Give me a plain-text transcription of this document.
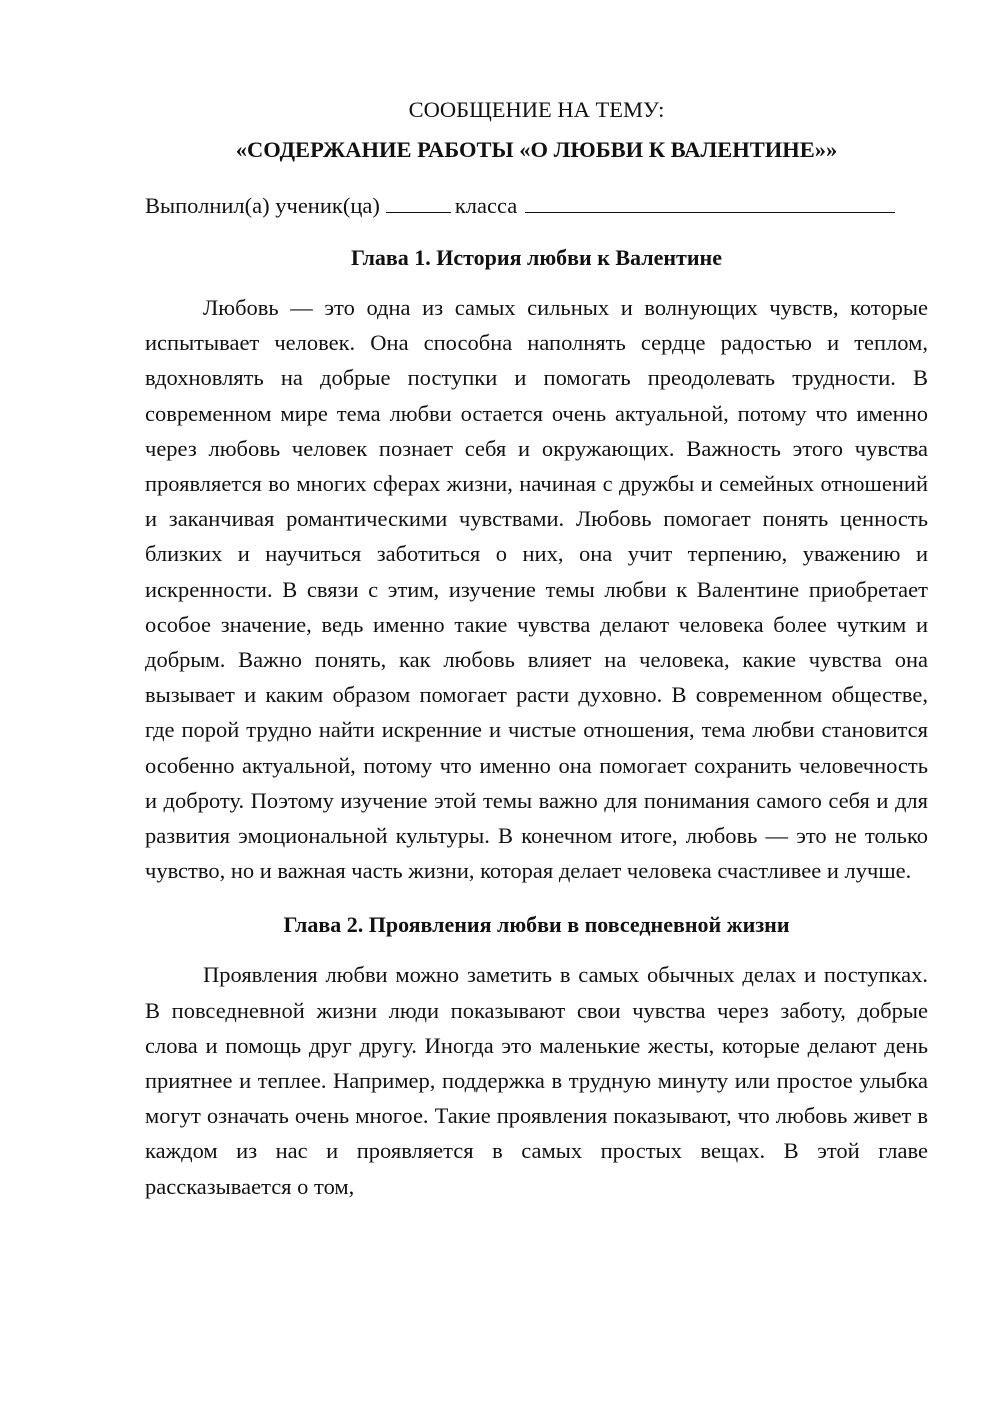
СООБЩЕНИЕ НА ТЕМУ:

«СОДЕРЖАНИЕ РАБОТЫ «О ЛЮБВИ К ВАЛЕНТИНЕ»»

Выполнил(а) ученик(ца)	класса
Глава 1. История любви к Валентине

Любовь — это одна из самых сильных и волнующих чувств, которые испытывает человек. Она способна наполнять сердце радостью и теплом, вдохновлять на добрые поступки и помогать преодолевать трудности. В современном мире тема любви остается очень актуальной, потому что именно через любовь человек познает себя и окружающих. Важность этого чувства проявляется во многих сферах жизни, начиная с дружбы и семейных отношений и заканчивая романтическими чувствами. Любовь помогает понять ценность близких и научиться заботиться о них, она учит терпению, уважению и искренности. В связи с этим, изучение темы любви к Валентине приобретает особое значение, ведь именно такие чувства делают человека более чутким и добрым. Важно понять, как любовь влияет на человека, какие чувства она вызывает и каким образом помогает расти духовно. В современном обществе, где порой трудно найти искренние и чистые отношения, тема любви становится особенно актуальной, потому что именно она помогает сохранить человечность и доброту. Поэтому изучение этой темы важно для понимания самого себя и для развития эмоциональной культуры. В конечном итоге, любовь — это не только чувство, но и важная часть жизни, которая делает человека счастливее и лучше.

Глава 2. Проявления любви в повседневной жизни

Проявления любви можно заметить в самых обычных делах и поступках. В повседневной жизни люди показывают свои чувства через заботу, добрые слова и помощь друг другу. Иногда это маленькие жесты, которые делают день приятнее и теплее. Например, поддержка в трудную минуту или простое улыбка могут означать очень многое. Такие проявления показывают, что любовь живет в каждом из нас и проявляется в самых простых вещах. В этой главе рассказывается о том,
